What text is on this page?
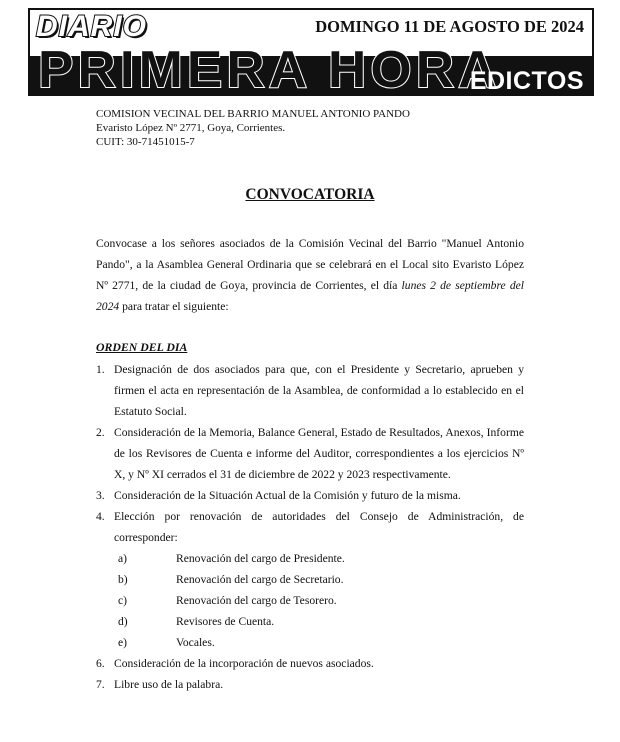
DIARIO	DOMINGO 11 DE AGOSTO DE 2024
PRIMERA HORA
EDICTOS
COMISION VECINAL DEL BARRIO MANUEL ANTONIO PANDO
Evaristo López Nº 2771, Goya, Corrientes.
CUIT: 30-71451015-7
CONVOCATORIA

Convocase a los señores asociados de la Comisión Vecinal del Barrio "Manuel Antonio Pando", a la Asamblea General Ordinaria que se celebrará en el Local sito Evaristo López Nº 2771, de la ciudad de Goya, provincia de Corrientes, el día lunes 2 de septiembre del 2024 para tratar el siguiente:

ORDEN DEL DIA
1. Designación de dos asociados para que, con el Presidente y Secretario, aprueben y firmen el acta en representación de la Asamblea, de conformidad a lo establecido en el Estatuto Social.
2. Consideración de la Memoria, Balance General, Estado de Resultados, Anexos, Informe de los Revisores de Cuenta e informe del Auditor, correspondientes a los ejercicios Nº X, y Nº XI cerrados el 31 de diciembre de 2022 y 2023 respectivamente.
3. Consideración de la Situación Actual de la Comisión y futuro de la misma.
4. Elección por renovación de autoridades del Consejo de Administración, de corresponder:
a)	Renovación del cargo de Presidente.
b)	Renovación del cargo de Secretario.
c)	Renovación del cargo de Tesorero.
d)	Revisores de Cuenta.
e)	Vocales.
6. Consideración de la incorporación de nuevos asociados.
7. Libre uso de la palabra.
